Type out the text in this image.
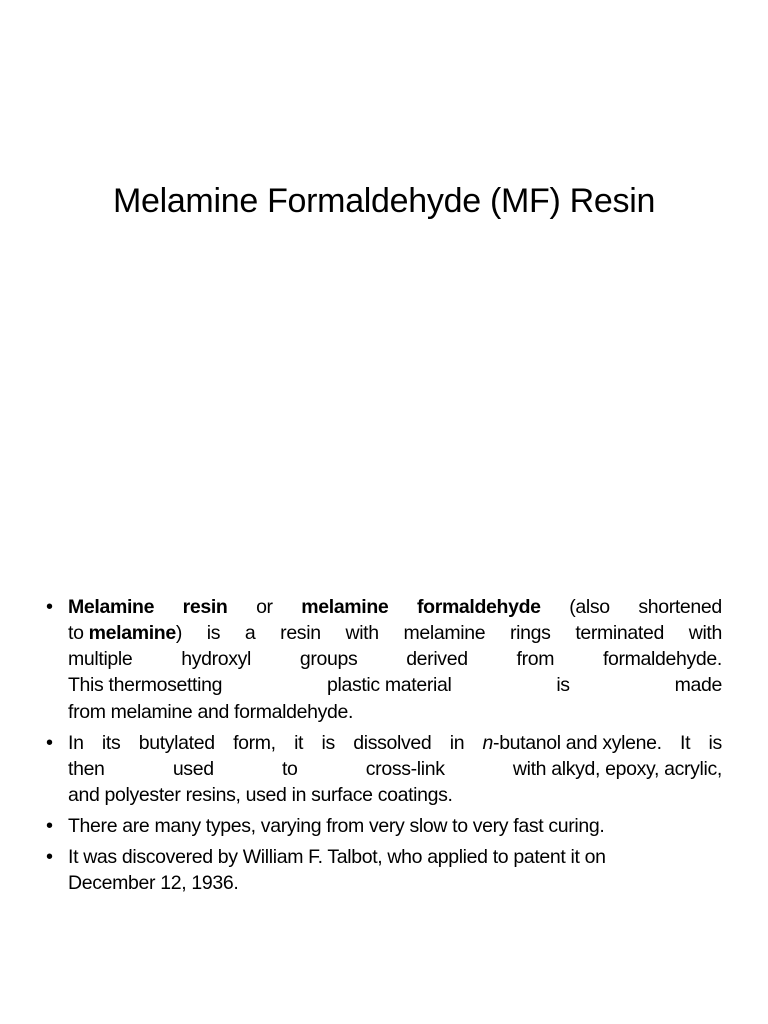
Melamine Formaldehyde (MF) Resin
• Melamine resin or melamine formaldehyde (also shortened
to melamine) is a resin with melamine rings terminated with
multiple	hydroxyl	groups	derived	from	formaldehyde.
This thermosetting	plastic material	is	made
from melamine and formaldehyde.
• In its butylated form, it is dissolved in n-butanol and xylene. It is
then	used	to	cross-link	with alkyd, epoxy, acrylic,
and polyester resins, used in surface coatings.
• There are many types, varying from very slow to very fast curing.
• It was discovered by William F. Talbot, who applied to patent it on
December 12, 1936.
